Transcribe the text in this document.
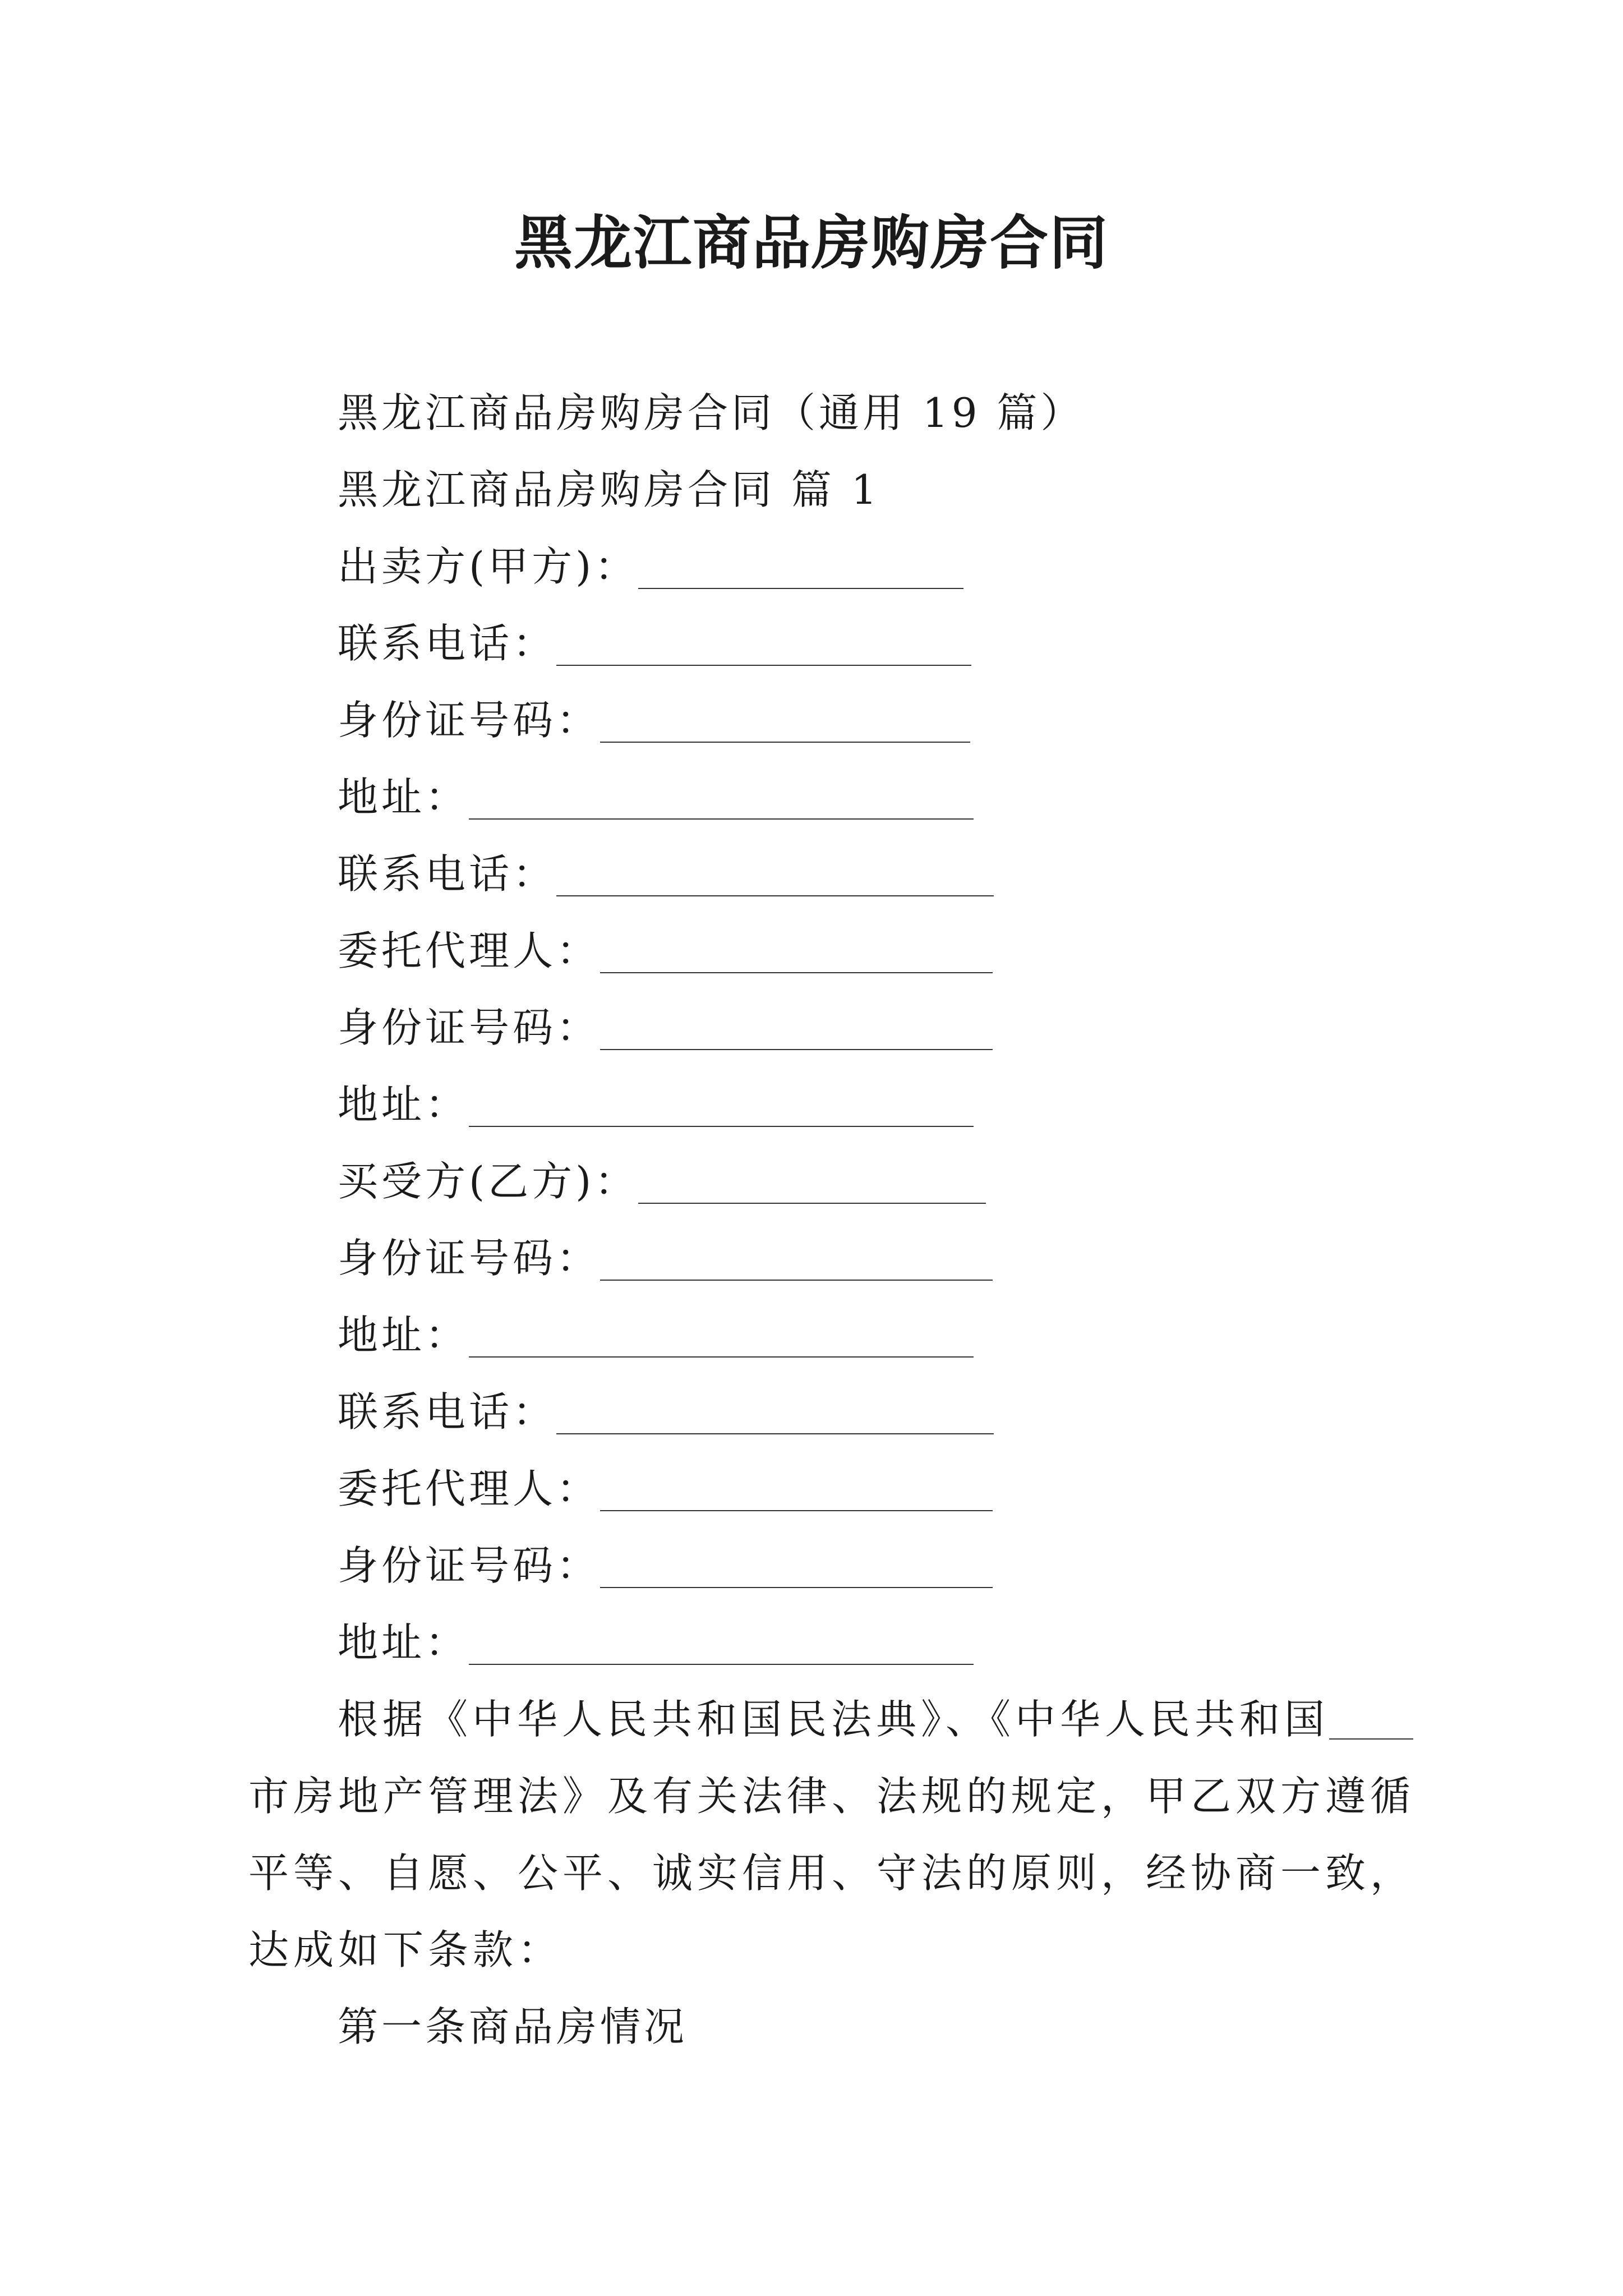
黑龙江商品房购房合同
黑龙江商品房购房合同（通用 19 篇）
黑龙江商品房购房合同 篇 1
出卖方(甲方)：
联系电话：
身份证号码：
地址：
联系电话：
委托代理人：
身份证号码：
地址：
买受方(乙方)：
身份证号码：
地址：
联系电话：
委托代理人：
身份证号码：
地址：
根据《中华人民共和国民法典》、《中华人民共和国
市房地产管理法》及有关法律、法规的规定，甲乙双方遵循
平等、自愿、公平、诚实信用、守法的原则，经协商一致，
达成如下条款：
第一条商品房情况
